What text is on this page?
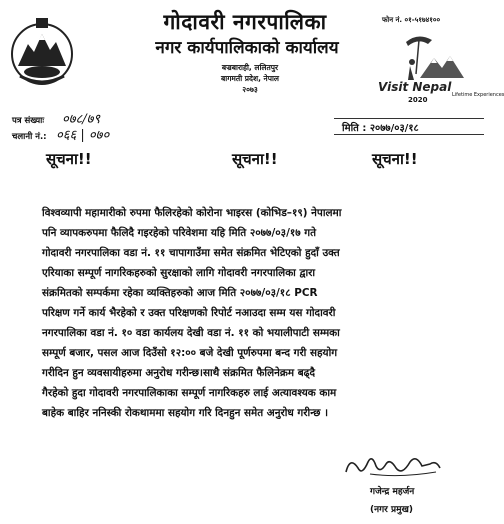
गोदावरी नगरपालिका
नगर कार्यपालिकाको कार्यालय
बज्रबाराही, ललितपुर
बागमती प्रदेश, नेपाल
२०७३
फोन नं. ०१-५१७४१००
Visit Nepal
2020
Lifetime Experiences
पत्र संख्याः ०७८/७९
चलानी नं.: ०६६ | ०७०	मिति : २०७७/०३/१८
सूचना!!	सूचना!!	सूचना!!
विश्वव्यापी महामारीको रुपमा फैलिरहेको कोरोना भाइरस (कोभिड–१९) नेपालमा
पनि व्यापकरुपमा फैलिदै गइरहेको परिवेशमा यहि मिति २०७७/०३/१७ गते
गोदावरी नगरपालिका वडा नं. ११ चापागाउँमा समेत संक्रमित भेटिएको हुदाँ उक्त
एरियाका सम्पूर्ण नागरिकहरुको सुरक्षाको लागि गोदावरी नगरपालिका द्वारा
संक्रमितको सम्पर्कमा रहेका व्यक्तिहरुको आज मिति २०७७/०३/१८ PCR
परिक्षण गर्ने कार्य भैरहेको र उक्त परिक्षणको रिपोर्ट नआउदा सम्म यस गोदावरी
नगरपालिका वडा नं. १० वडा कार्यलय देखी वडा नं. ११ को भयालीपाटी सम्मका
सम्पूर्ण बजार, पसल आज दिउँसो १२:०० बजे देखी पूर्णरुपमा बन्द गरी सहयोग
गरीदिन हुन व्यवसायीहरुमा अनुरोध गरीन्छ।साथै संक्रमित फैलिनेक्रम बढ्दै
गैरहेको हुदा गोदावरी नगरपालिकाका सम्पूर्ण नागरिकहरु लाई अत्यावश्यक काम
बाहेक बाहिर ननिस्की रोकथाममा सहयोग गरि दिनहुन समेत अनुरोध गरीन्छ ।
गजेन्द्र महर्जन
(नगर प्रमुख)
